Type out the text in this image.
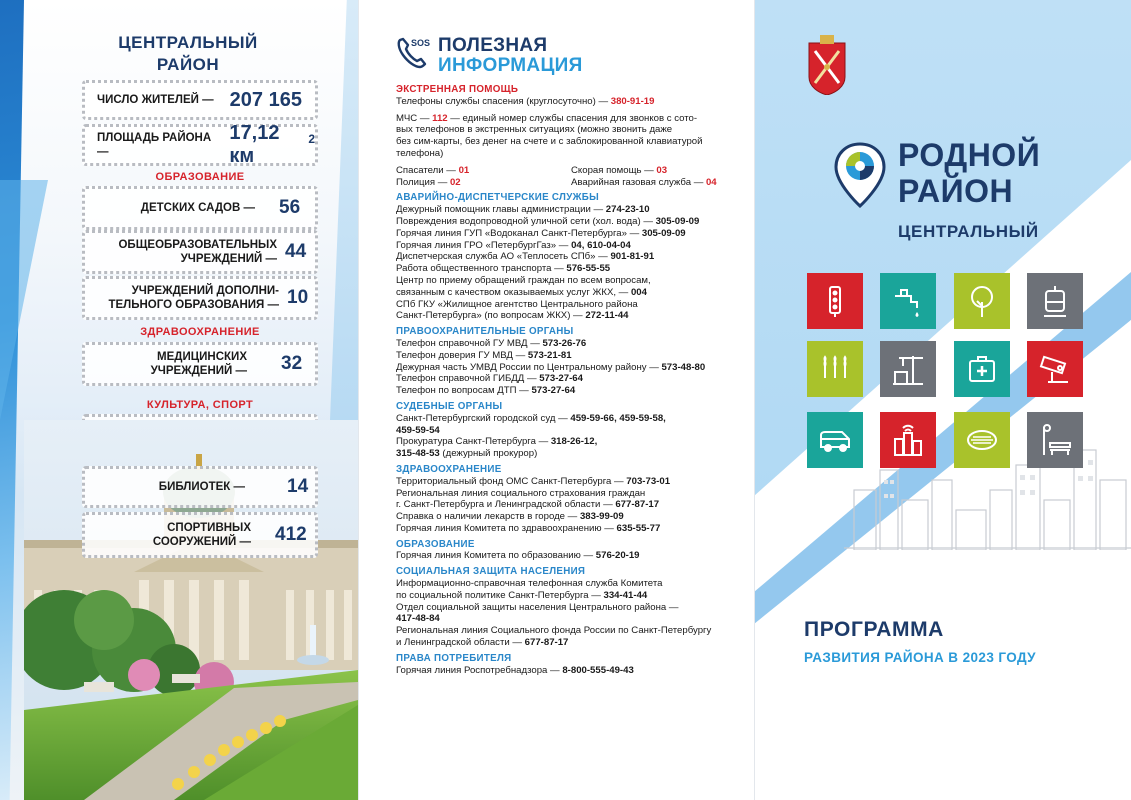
ЦЕНТРАЛЬНЫЙ
РАЙОН
ЧИСЛО ЖИТЕЛЕЙ — 207 165
ПЛОЩАДЬ РАЙОНА —
17,12 км
$^2$
ОБРАЗОВАНИЕ
ДЕТСКИХ САДОВ — 56
ОБЩЕОБРАЗОВАТЕЛЬНЫХ
УЧРЕЖДЕНИЙ — 44
УЧРЕЖДЕНИЙ ДОПОЛНИ-
ТЕЛЬНОГО ОБРАЗОВАНИЯ — 10
ЗДРАВООХРАНЕНИЕ
МЕДИЦИНСКИХ
УЧРЕЖДЕНИЙ — 32
КУЛЬТУРА, СПОРТ
БИБЛИОТЕК — 14
СПОРТИВНЫХ
СООРУЖЕНИЙ — 412
SOS ПОЛЕЗНАЯ
ИНФОРМАЦИЯ
ЭКСТРЕННАЯ ПОМОЩЬ
Телефоны службы спасения (круглосуточно) — 380-91-19
МЧС — 112 — единый номер службы спасения для звонков с сото-
вых телефонов в экстренных ситуациях (можно звонить даже
без сим-карты, без денег на счете и с заблокированной клавиатурой
телефона)
Спасатели — 01	Скорая помощь — 03
Полиция — 02	Аварийная газовая служба — 04
АВАРИЙНО-ДИСПЕТЧЕРСКИЕ СЛУЖБЫ
Дежурный помощник главы администрации — 274-23-10
Повреждения водопроводной уличной сети (хол. вода) — 305-09-09
Горячая линия ГУП «Водоканал Санкт-Петербурга» — 305-09-09
Горячая линия ГРО «ПетербургГаз» — 04, 610-04-04
Диспетчерская служба АО «Теплосеть СПб» — 901-81-91
Работа общественного транспорта — 576-55-55
Центр по приему обращений граждан по всем вопросам,
связанным с качеством оказываемых услуг ЖКХ, — 004
СПб ГКУ «Жилищное агентство Центрального района
Санкт-Петербурга» (по вопросам ЖКХ) — 272-11-44
ПРАВООХРАНИТЕЛЬНЫЕ ОРГАНЫ
Телефон справочной ГУ МВД — 573-26-76
Телефон доверия ГУ МВД — 573-21-81
Дежурная часть УМВД России по Центральному району — 573-48-80
Телефон справочной ГИБДД — 573-27-64
Телефон по вопросам ДТП — 573-27-64
СУДЕБНЫЕ ОРГАНЫ
Санкт-Петербургский городской суд — 459-59-66, 459-59-58,
459-59-54
Прокуратура Санкт-Петербурга — 318-26-12,
315-48-53 (дежурный прокурор)
ЗДРАВООХРАНЕНИЕ
Территориальный фонд ОМС Санкт-Петербурга — 703-73-01
Региональная линия социального страхования граждан
г. Санкт-Петербурга и Ленинградской области — 677-87-17
Справка о наличии лекарств в городе — 383-99-09
Горячая линия Комитета по здравоохранению — 635-55-77
ОБРАЗОВАНИЕ
Горячая линия Комитета по образованию — 576-20-19
СОЦИАЛЬНАЯ ЗАЩИТА НАСЕЛЕНИЯ
Информационно-справочная телефонная служба Комитета
по социальной политике Санкт-Петербурга — 334-41-44
Отдел социальной защиты населения Центрального района —
417-48-84
Региональная линия Социального фонда России по Санкт-Петербургу
и Ленинградской области — 677-87-17
ПРАВА ПОТРЕБИТЕЛЯ
Горячая линия Роспотребнадзора — 8-800-555-49-43
РОДНОЙ
РАЙОН
ЦЕНТРАЛЬНЫЙ
ПРОГРАММА
РАЗВИТИЯ РАЙОНА В 2023 ГОДУ
